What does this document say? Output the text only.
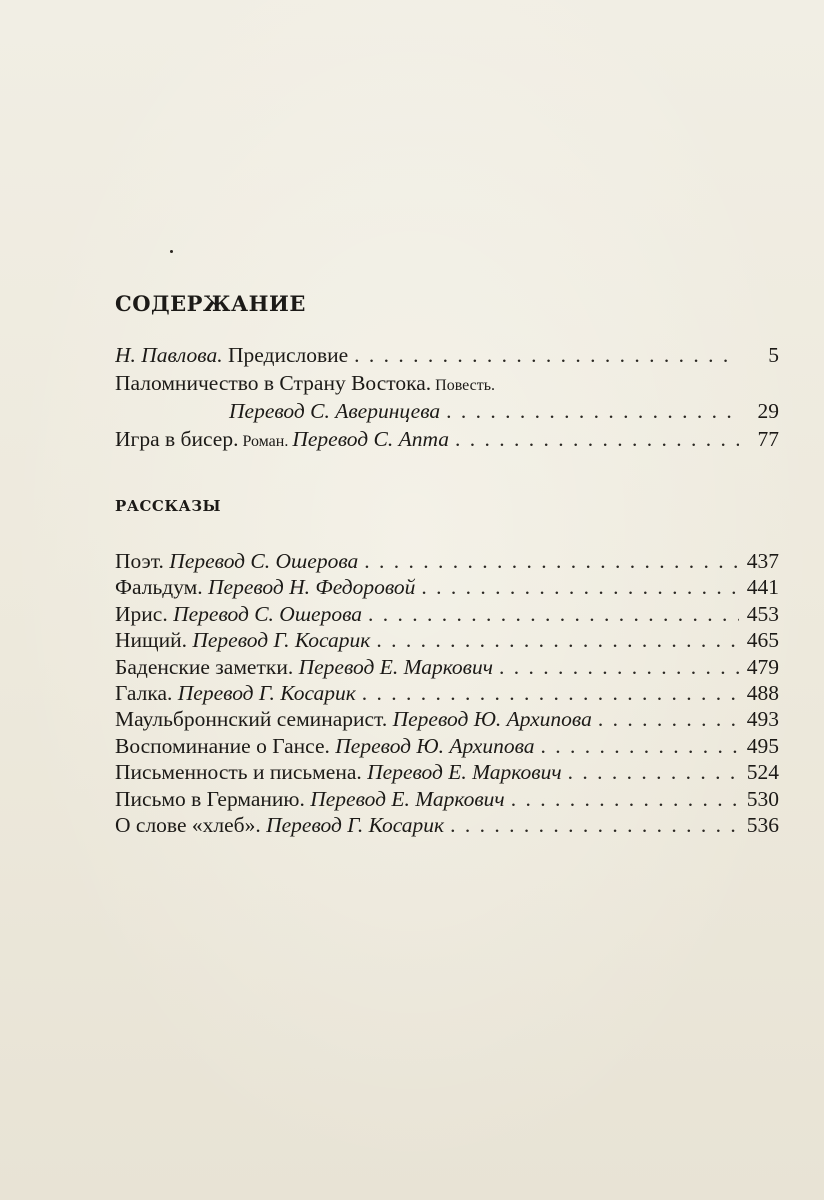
СОДЕРЖАНИЕ
Н. Павлова. Предисловие . . .	5
Паломничество в Страну Востока. Повесть.
Перевод С. Аверинцева . . .	29
Игра в бисер. Роман. Перевод С. Апта . . .	77
РАССКАЗЫ
Поэт. Перевод С. Ошерова . . .	437
Фальдум. Перевод Н. Федоровой . . .	441
Ирис. Перевод С. Ошерова . . .	453
Нищий. Перевод Г. Косарик . . .	465
Баденские заметки. Перевод Е. Маркович . . .	479
Галка. Перевод Г. Косарик . . .	488
Маульброннский семинарист. Перевод Ю. Архипова . . .	493
Воспоминание о Гансе. Перевод Ю. Архипова . . .	495
Письменность и письмена. Перевод Е. Маркович . . .	524
Письмо в Германию. Перевод Е. Маркович . . .	530
О слове «хлеб». Перевод Г. Косарик . . .	536
